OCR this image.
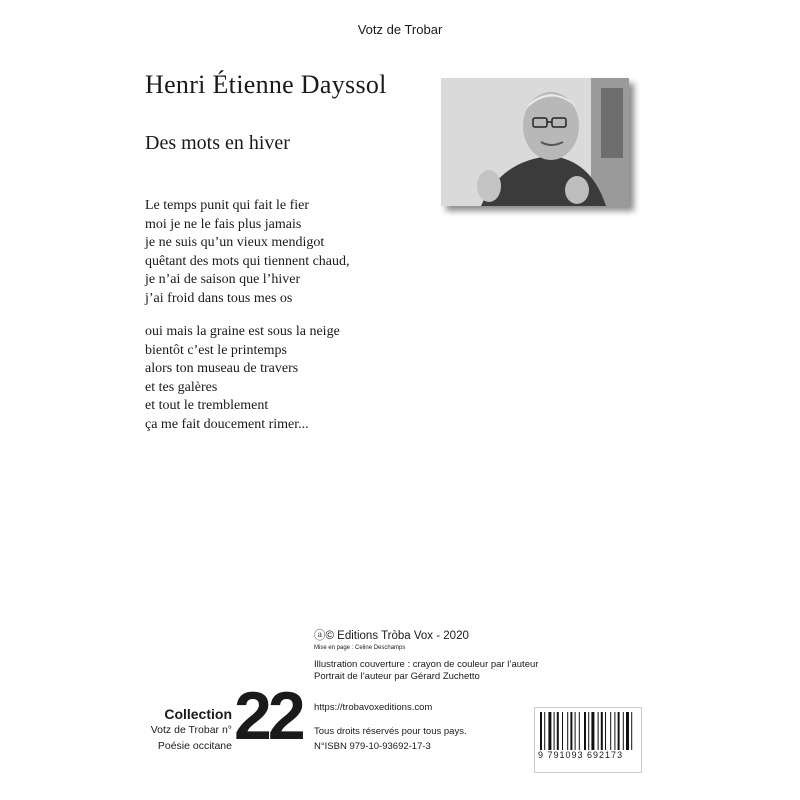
Votz de Trobar
Henri Étienne Dayssol
Des mots en hiver
Le temps punit qui fait le fier
moi je ne le fais plus jamais
je ne suis qu’un vieux mendigot
quêtant des mots qui tiennent chaud,
je n’ai de saison que l’hiver
j’ai froid dans tous mes os
oui mais la graine est sous la neige
bientôt c’est le printemps
alors ton museau de travers
et tes galères
et tout le tremblement
ça me fait doucement rimer...
ⓐ© Editions Tròba Vox - 2020
Mise en page : Celine Deschamps
Illustration couverture : crayon de couleur par l’auteur
Portrait de l’auteur par Gérard Zuchetto
https://trobavoxeditions.com
Tous droits réservés pour tous pays.
N°ISBN 979-10-93692-17-3
Collection
Votz de Trobar n°
Poésie occitane 22
9 791093 692173
